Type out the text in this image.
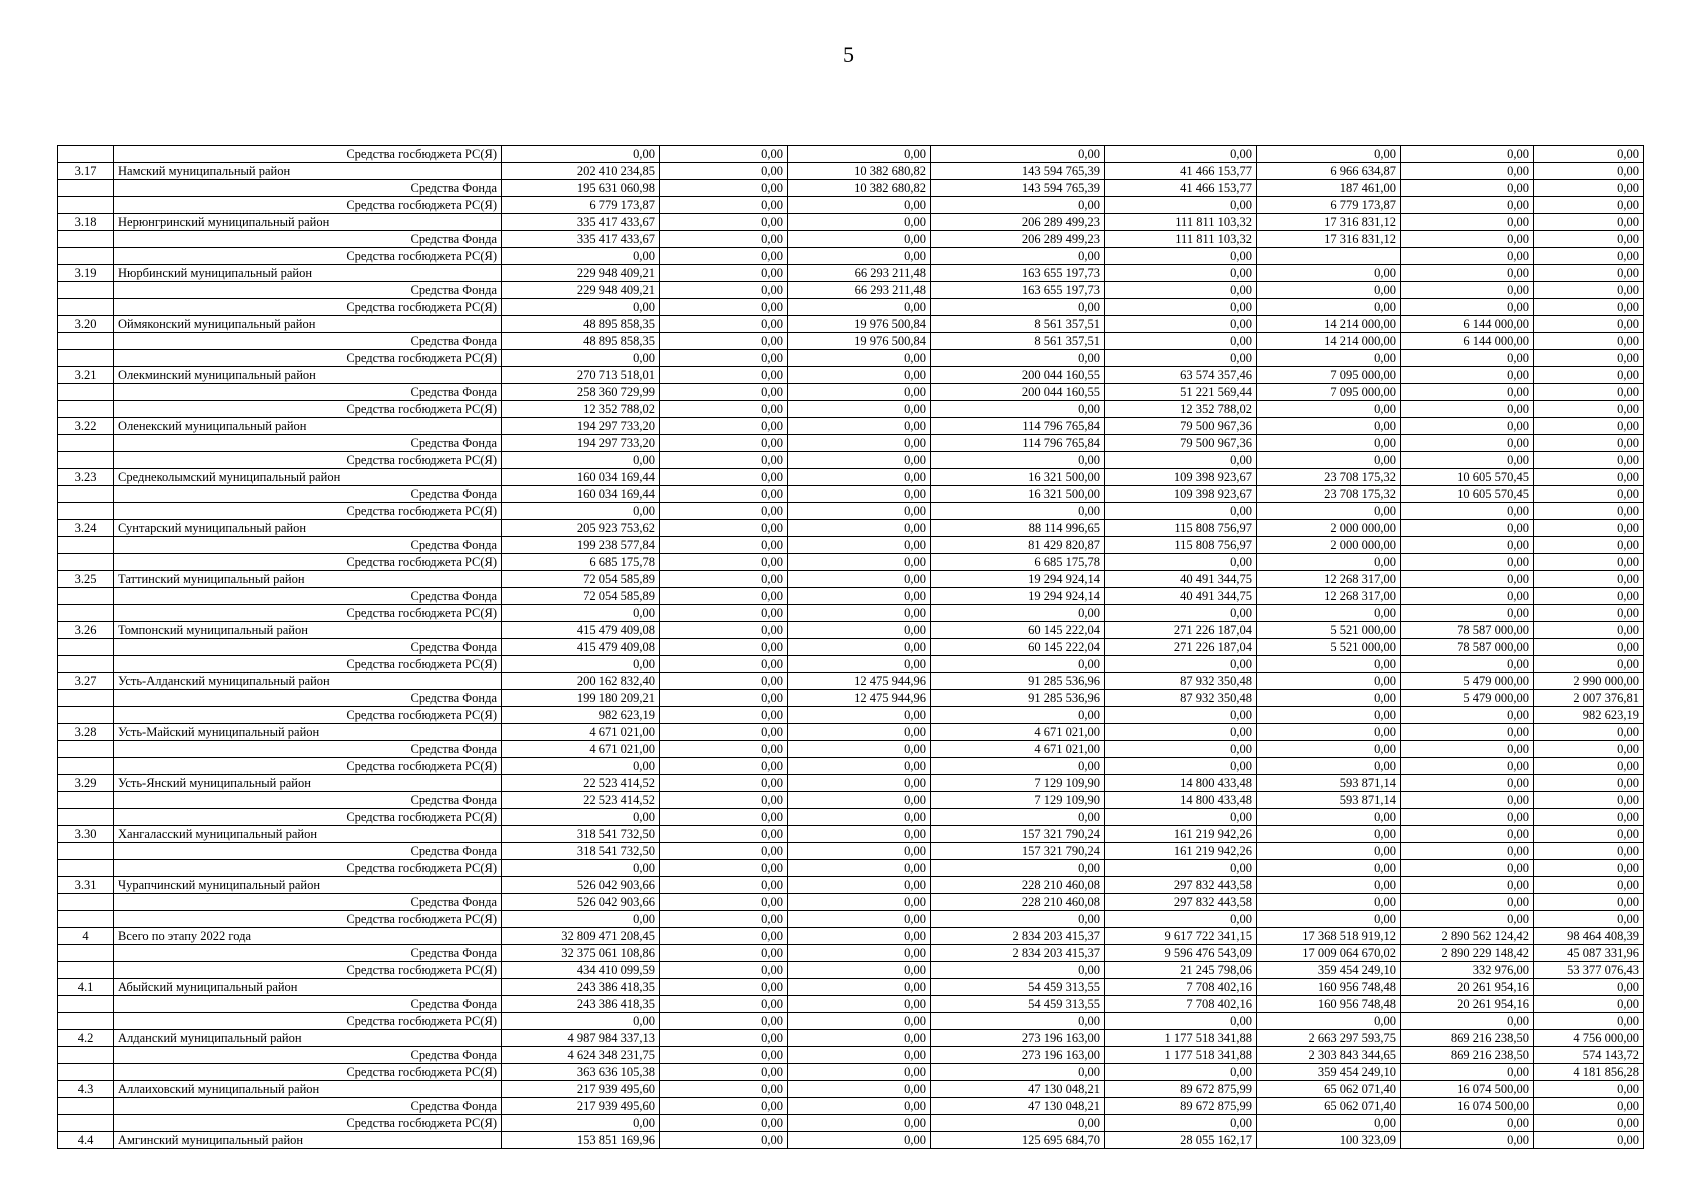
5
	Средства госбюджета РС(Я)	0,00	0,00	0,00	0,00	0,00	0,00	0,00	0,00
3.17	Намский муниципальный район	202 410 234,85	0,00	10 382 680,82	143 594 765,39	41 466 153,77	6 966 634,87	0,00	0,00
	Средства Фонда	195 631 060,98	0,00	10 382 680,82	143 594 765,39	41 466 153,77	187 461,00	0,00	0,00
	Средства госбюджета РС(Я)	6 779 173,87	0,00	0,00	0,00	0,00	6 779 173,87	0,00	0,00
3.18	Нерюнгринский муниципальный район	335 417 433,67	0,00	0,00	206 289 499,23	111 811 103,32	17 316 831,12	0,00	0,00
	Средства Фонда	335 417 433,67	0,00	0,00	206 289 499,23	111 811 103,32	17 316 831,12	0,00	0,00
	Средства госбюджета РС(Я)	0,00	0,00	0,00	0,00	0,00		0,00	0,00
3.19	Нюрбинский муниципальный район	229 948 409,21	0,00	66 293 211,48	163 655 197,73	0,00	0,00	0,00	0,00
	Средства Фонда	229 948 409,21	0,00	66 293 211,48	163 655 197,73	0,00	0,00	0,00	0,00
	Средства госбюджета РС(Я)	0,00	0,00	0,00	0,00	0,00	0,00	0,00	0,00
3.20	Оймяконский муниципальный район	48 895 858,35	0,00	19 976 500,84	8 561 357,51	0,00	14 214 000,00	6 144 000,00	0,00
	Средства Фонда	48 895 858,35	0,00	19 976 500,84	8 561 357,51	0,00	14 214 000,00	6 144 000,00	0,00
	Средства госбюджета РС(Я)	0,00	0,00	0,00	0,00	0,00	0,00	0,00	0,00
3.21	Олекминский муниципальный район	270 713 518,01	0,00	0,00	200 044 160,55	63 574 357,46	7 095 000,00	0,00	0,00
	Средства Фонда	258 360 729,99	0,00	0,00	200 044 160,55	51 221 569,44	7 095 000,00	0,00	0,00
	Средства госбюджета РС(Я)	12 352 788,02	0,00	0,00	0,00	12 352 788,02	0,00	0,00	0,00
3.22	Оленекский муниципальный район	194 297 733,20	0,00	0,00	114 796 765,84	79 500 967,36	0,00	0,00	0,00
	Средства Фонда	194 297 733,20	0,00	0,00	114 796 765,84	79 500 967,36	0,00	0,00	0,00
	Средства госбюджета РС(Я)	0,00	0,00	0,00	0,00	0,00	0,00	0,00	0,00
3.23	Среднеколымский муниципальный район	160 034 169,44	0,00	0,00	16 321 500,00	109 398 923,67	23 708 175,32	10 605 570,45	0,00
	Средства Фонда	160 034 169,44	0,00	0,00	16 321 500,00	109 398 923,67	23 708 175,32	10 605 570,45	0,00
	Средства госбюджета РС(Я)	0,00	0,00	0,00	0,00	0,00	0,00	0,00	0,00
3.24	Сунтарский муниципальный район	205 923 753,62	0,00	0,00	88 114 996,65	115 808 756,97	2 000 000,00	0,00	0,00
	Средства Фонда	199 238 577,84	0,00	0,00	81 429 820,87	115 808 756,97	2 000 000,00	0,00	0,00
	Средства госбюджета РС(Я)	6 685 175,78	0,00	0,00	6 685 175,78	0,00	0,00	0,00	0,00
3.25	Таттинский муниципальный район	72 054 585,89	0,00	0,00	19 294 924,14	40 491 344,75	12 268 317,00	0,00	0,00
	Средства Фонда	72 054 585,89	0,00	0,00	19 294 924,14	40 491 344,75	12 268 317,00	0,00	0,00
	Средства госбюджета РС(Я)	0,00	0,00	0,00	0,00	0,00	0,00	0,00	0,00
3.26	Томпонский муниципальный район	415 479 409,08	0,00	0,00	60 145 222,04	271 226 187,04	5 521 000,00	78 587 000,00	0,00
	Средства Фонда	415 479 409,08	0,00	0,00	60 145 222,04	271 226 187,04	5 521 000,00	78 587 000,00	0,00
	Средства госбюджета РС(Я)	0,00	0,00	0,00	0,00	0,00	0,00	0,00	0,00
3.27	Усть-Алданский муниципальный район	200 162 832,40	0,00	12 475 944,96	91 285 536,96	87 932 350,48	0,00	5 479 000,00	2 990 000,00
	Средства Фонда	199 180 209,21	0,00	12 475 944,96	91 285 536,96	87 932 350,48	0,00	5 479 000,00	2 007 376,81
	Средства госбюджета РС(Я)	982 623,19	0,00	0,00	0,00	0,00	0,00	0,00	982 623,19
3.28	Усть-Майский муниципальный район	4 671 021,00	0,00	0,00	4 671 021,00	0,00	0,00	0,00	0,00
	Средства Фонда	4 671 021,00	0,00	0,00	4 671 021,00	0,00	0,00	0,00	0,00
	Средства госбюджета РС(Я)	0,00	0,00	0,00	0,00	0,00	0,00	0,00	0,00
3.29	Усть-Янский муниципальный район	22 523 414,52	0,00	0,00	7 129 109,90	14 800 433,48	593 871,14	0,00	0,00
	Средства Фонда	22 523 414,52	0,00	0,00	7 129 109,90	14 800 433,48	593 871,14	0,00	0,00
	Средства госбюджета РС(Я)	0,00	0,00	0,00	0,00	0,00	0,00	0,00	0,00
3.30	Хангаласский муниципальный район	318 541 732,50	0,00	0,00	157 321 790,24	161 219 942,26	0,00	0,00	0,00
	Средства Фонда	318 541 732,50	0,00	0,00	157 321 790,24	161 219 942,26	0,00	0,00	0,00
	Средства госбюджета РС(Я)	0,00	0,00	0,00	0,00	0,00	0,00	0,00	0,00
3.31	Чурапчинский муниципальный район	526 042 903,66	0,00	0,00	228 210 460,08	297 832 443,58	0,00	0,00	0,00
	Средства Фонда	526 042 903,66	0,00	0,00	228 210 460,08	297 832 443,58	0,00	0,00	0,00
	Средства госбюджета РС(Я)	0,00	0,00	0,00	0,00	0,00	0,00	0,00	0,00
4	Всего по этапу 2022 года	32 809 471 208,45	0,00	0,00	2 834 203 415,37	9 617 722 341,15	17 368 518 919,12	2 890 562 124,42	98 464 408,39
	Средства Фонда	32 375 061 108,86	0,00	0,00	2 834 203 415,37	9 596 476 543,09	17 009 064 670,02	2 890 229 148,42	45 087 331,96
	Средства госбюджета РС(Я)	434 410 099,59	0,00	0,00	0,00	21 245 798,06	359 454 249,10	332 976,00	53 377 076,43
4.1	Абыйский муниципальный район	243 386 418,35	0,00	0,00	54 459 313,55	7 708 402,16	160 956 748,48	20 261 954,16	0,00
	Средства Фонда	243 386 418,35	0,00	0,00	54 459 313,55	7 708 402,16	160 956 748,48	20 261 954,16	0,00
	Средства госбюджета РС(Я)	0,00	0,00	0,00	0,00	0,00	0,00	0,00	0,00
4.2	Алданский муниципальный район	4 987 984 337,13	0,00	0,00	273 196 163,00	1 177 518 341,88	2 663 297 593,75	869 216 238,50	4 756 000,00
	Средства Фонда	4 624 348 231,75	0,00	0,00	273 196 163,00	1 177 518 341,88	2 303 843 344,65	869 216 238,50	574 143,72
	Средства госбюджета РС(Я)	363 636 105,38	0,00	0,00	0,00	0,00	359 454 249,10	0,00	4 181 856,28
4.3	Аллаиховский муниципальный район	217 939 495,60	0,00	0,00	47 130 048,21	89 672 875,99	65 062 071,40	16 074 500,00	0,00
	Средства Фонда	217 939 495,60	0,00	0,00	47 130 048,21	89 672 875,99	65 062 071,40	16 074 500,00	0,00
	Средства госбюджета РС(Я)	0,00	0,00	0,00	0,00	0,00	0,00	0,00	0,00
4.4	Амгинский муниципальный район	153 851 169,96	0,00	0,00	125 695 684,70	28 055 162,17	100 323,09	0,00	0,00
